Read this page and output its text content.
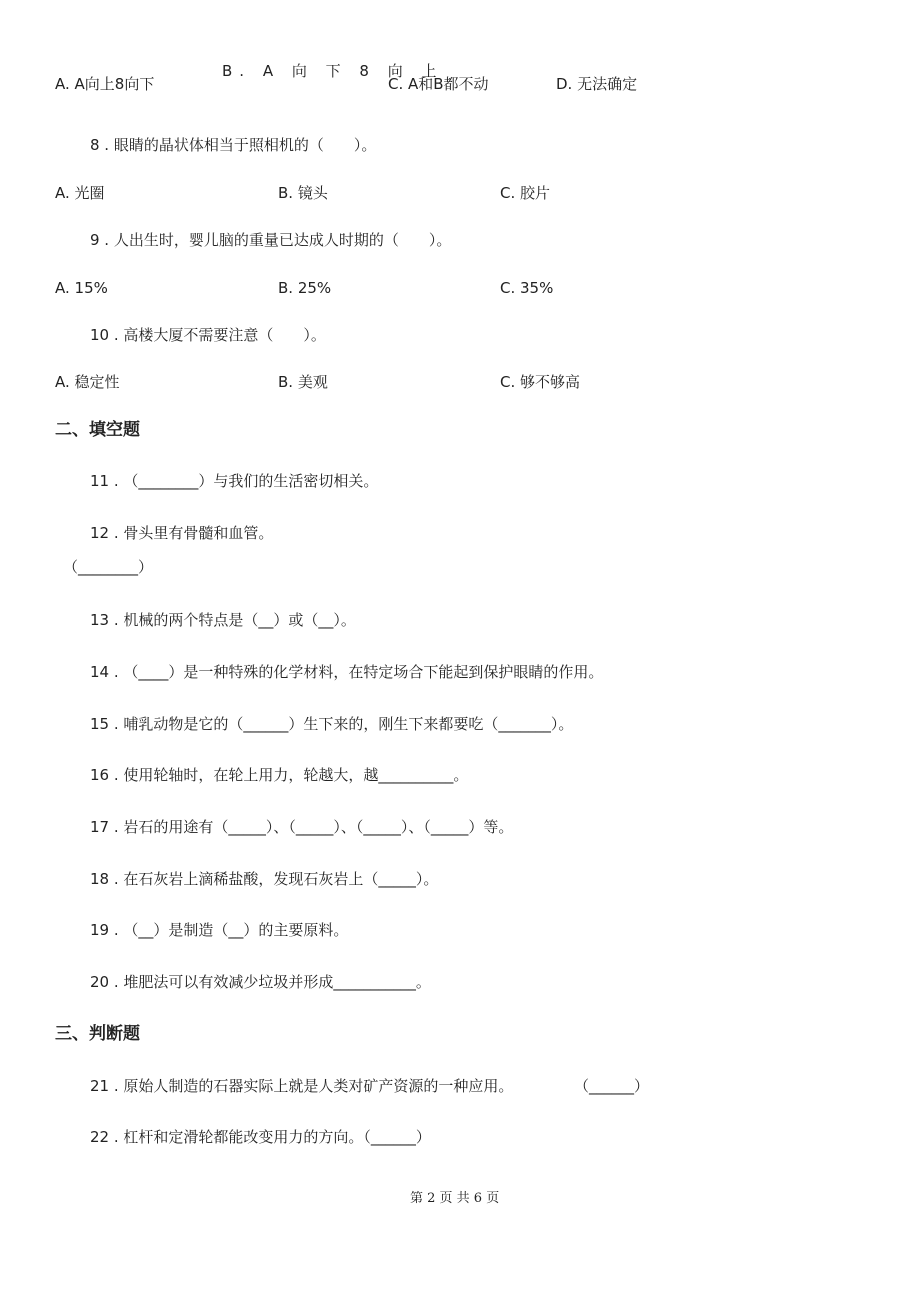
A. A向上8向下
B. A 向 下 8 向 上
C. A和B都不动	D. 无法确定
8 . 眼睛的晶状体相当于照相机的（　　）。
A. 光圈	B. 镜头	C. 胶片
9 . 人出生时，婴儿脑的重量已达成人时期的（　　）。
A. 15%	B. 25%	C. 35%
10 . 高楼大厦不需要注意（　　）。
A. 稳定性	B. 美观	C. 够不够高
二、填空题
11 . （________）与我们的生活密切相关。
12 . 骨头里有骨髓和血管。
（________）
13 . 机械的两个特点是（__）或（__）。
14 . （____）是一种特殊的化学材料，在特定场合下能起到保护眼睛的作用。
15 . 哺乳动物是它的（______）生下来的，刚生下来都要吃（_______）。
16 . 使用轮轴时，在轮上用力，轮越大，越__________。
17 . 岩石的用途有（_____）、（_____）、（_____）、（_____）等。
18 . 在石灰岩上滴稀盐酸，发现石灰岩上（_____）。
19 . （__）是制造（__）的主要原料。
20 . 堆肥法可以有效减少垃圾并形成___________。
三、判断题
21 . 原始人制造的石器实际上就是人类对矿产资源的一种应用。	（______）
22 . 杠杆和定滑轮都能改变用力的方向。（______）
第 2 页 共 6 页
